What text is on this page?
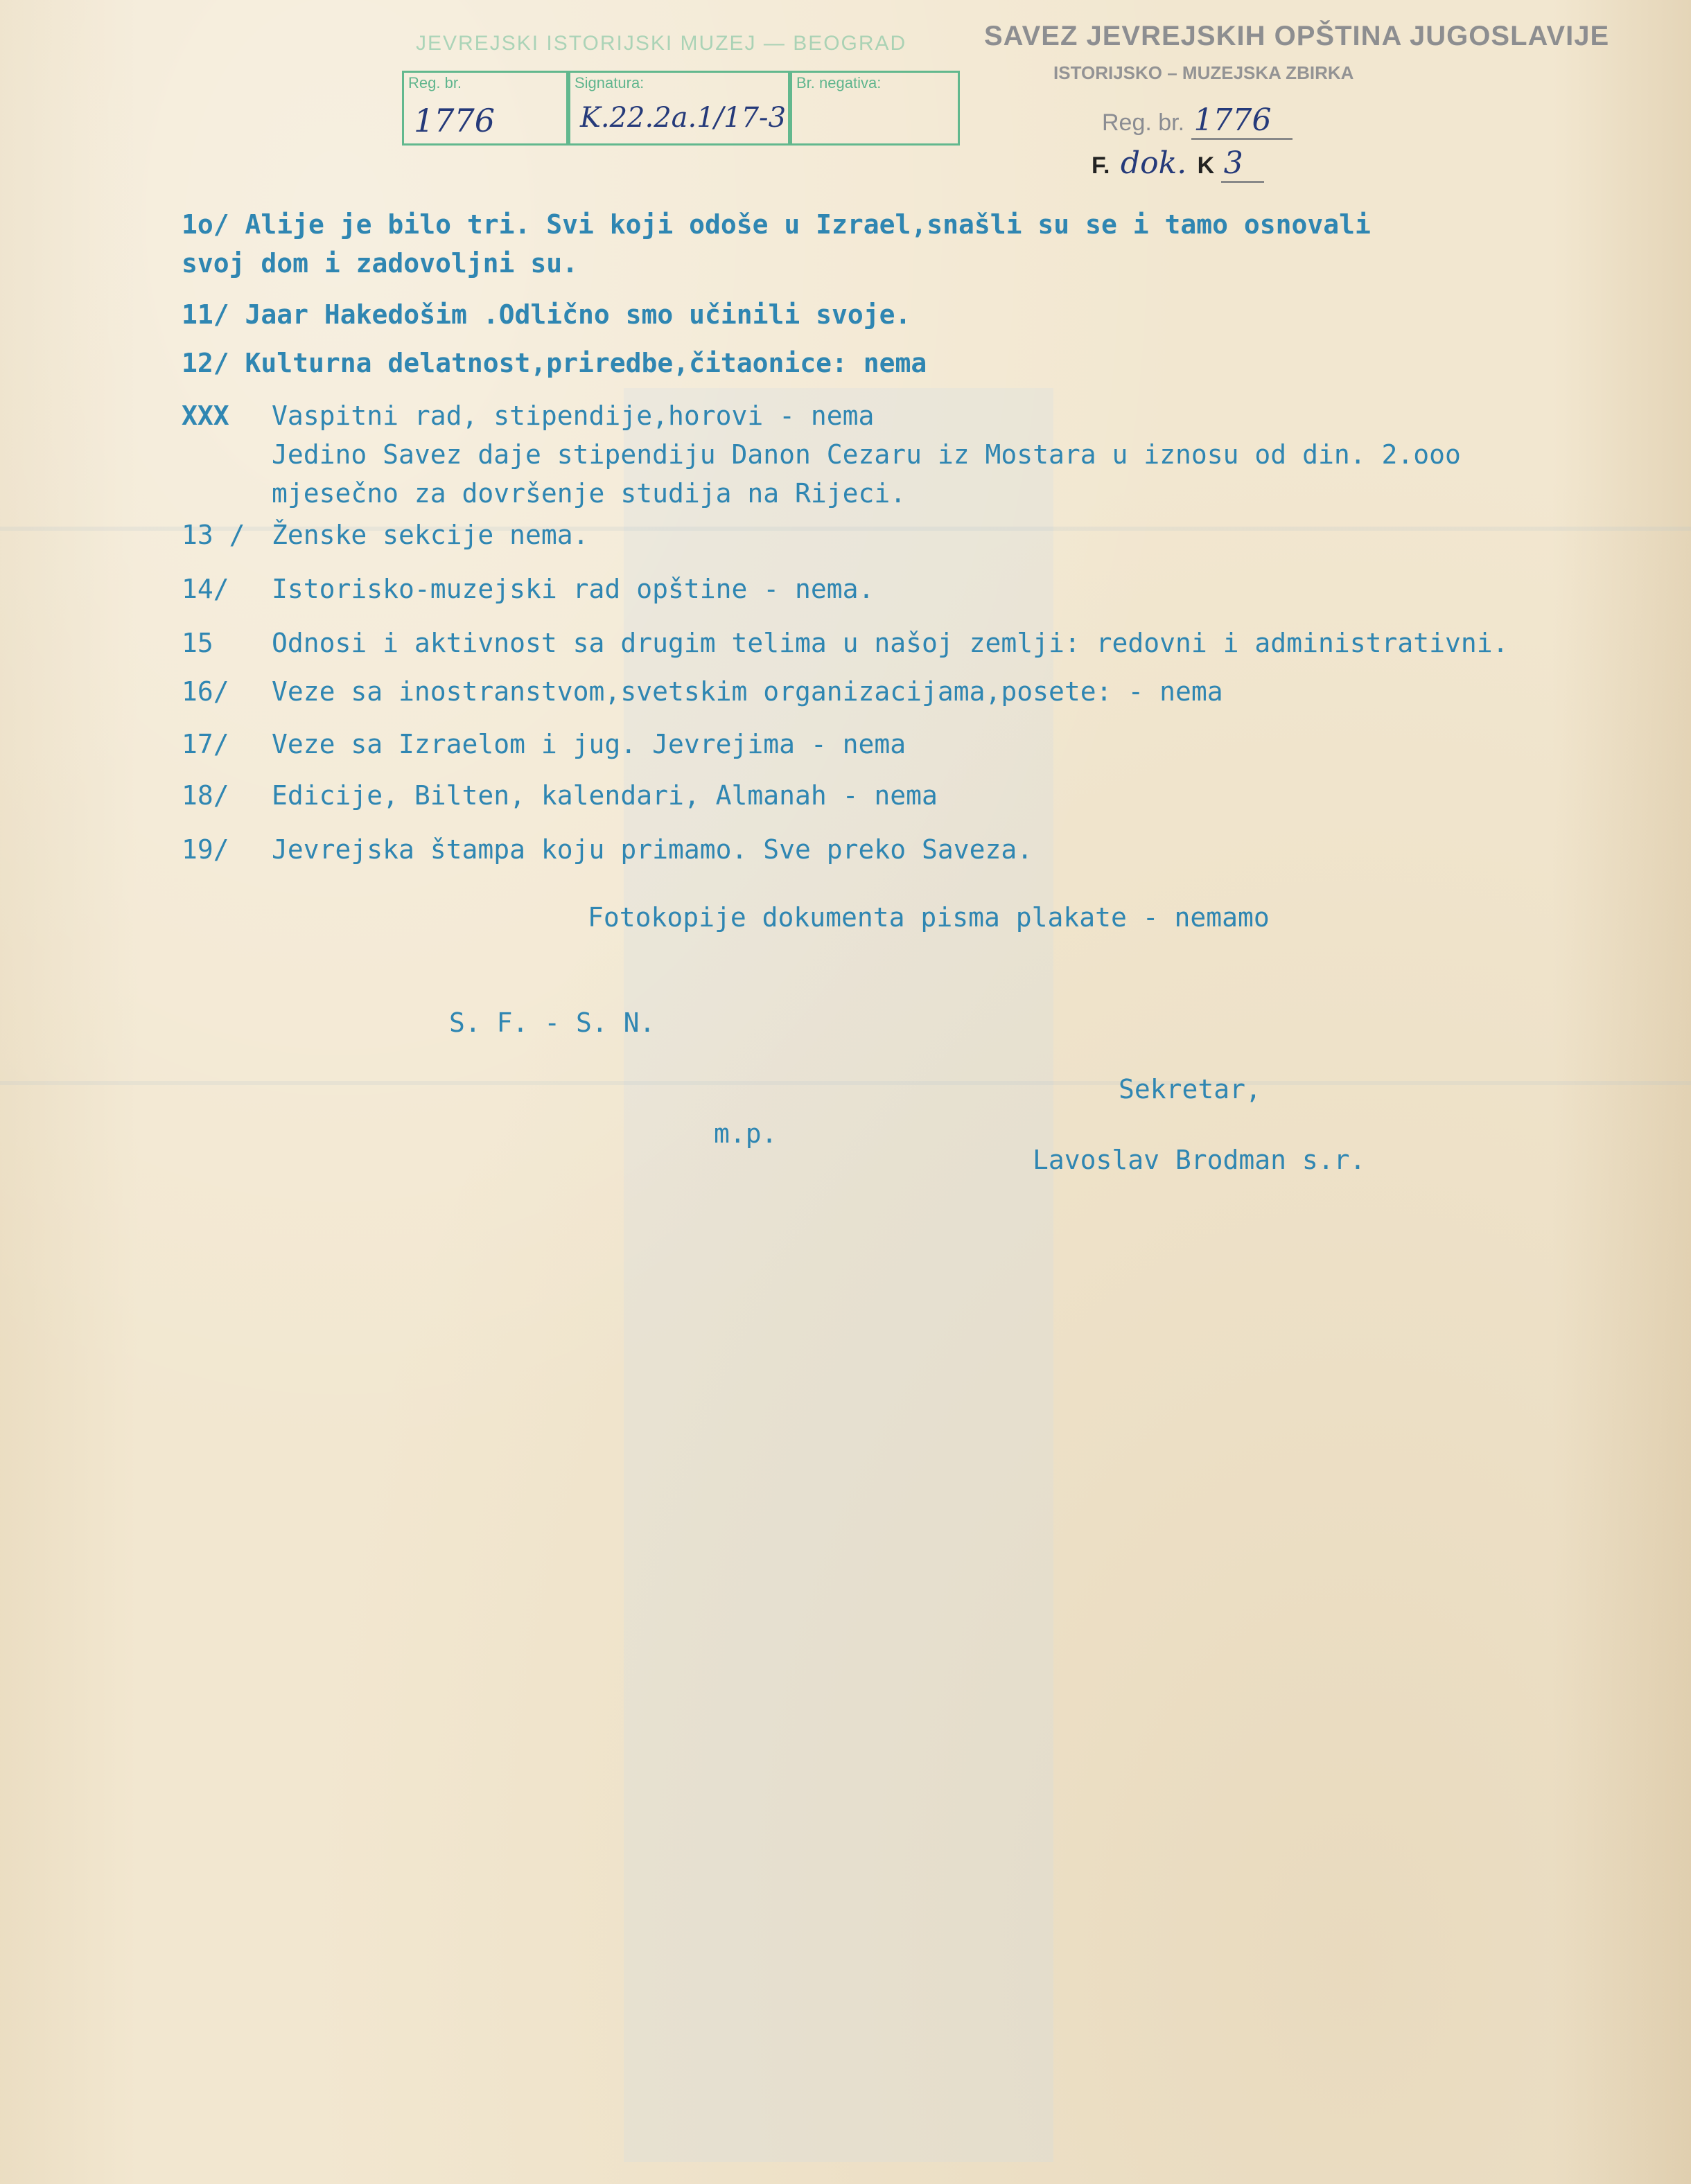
JEVREJSKI ISTORIJSKI MUZEJ — BEOGRAD
Reg. br.
1776
Signatura:
K.22.2a.1/17-3
Br. negativa:
SAVEZ JEVREJSKIH OPŠTINA JUGOSLAVIJE
ISTORIJSKO – MUZEJSKA ZBIRKA
Reg. br. 1776
F. dok. K 3
1o/ Alije je bilo tri. Svi koji odoše u Izrael,snašli su se i tamo osnovali
svoj dom i zadovoljni su.
11/ Jaar Hakedošim .Odlično smo učinili svoje.
12/ Kulturna delatnost,priredbe,čitaonice: nema
XXX Vaspitni rad, stipendije,horovi - nema
Jedino Savez daje stipendiju Danon Cezaru iz Mostara u iznosu od din. 2.ooo
mjesečno za dovršenje studija na Rijeci.
13 /	Ženske sekcije nema.
14/	Istorisko-muzejski rad opštine - nema.
15	Odnosi i aktivnost sa drugim telima u našoj zemlji: redovni i administrativni.
16/	Veze sa inostranstvom,svetskim organizacijama,posete: - nema
17/	Veze sa Izraelom i jug. Jevrejima - nema
18/	Edicije, Bilten, kalendari, Almanah - nema
19/	Jevrejska štampa koju primamo. Sve preko Saveza.
Fotokopije dokumenta pisma plakate - nemamo
S. F. - S. N.
Sekretar,
m.p.
Lavoslav Brodman s.r.
